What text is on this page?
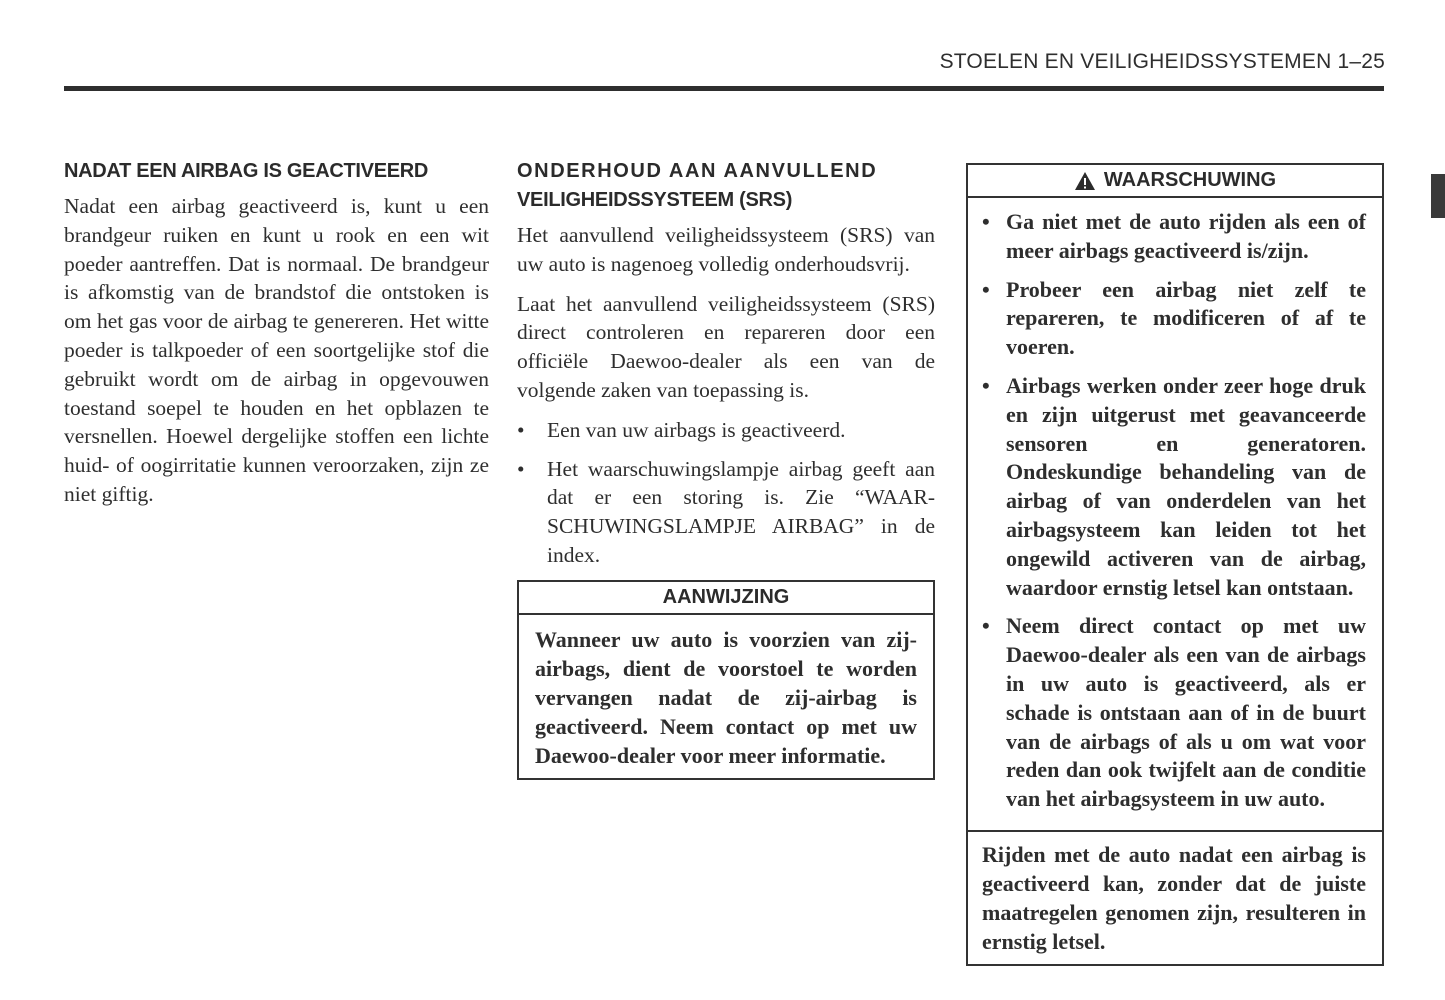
STOELEN EN VEILIGHEIDSSYSTEMEN 1–25
NADAT EEN AIRBAG IS GEACTIVEERD

Nadat een airbag geactiveerd is, kunt u een brandgeur ruiken en kunt u rook en een wit poeder aantreffen. Dat is normaal. De brandgeur is afkomstig van de brandstof die ontstoken is om het gas voor de airbag te genereren. Het witte poeder is talkpoeder of een soortgelijke stof die gebruikt wordt om de airbag in opgevouwen toestand soepel te houden en het opblazen te versnellen. Hoewel dergelijke stoffen een lichte huid- of oogirritatie kunnen veroorzaken, zijn ze niet giftig.

ONDERHOUD AAN AANVULLEND
VEILIGHEIDSSYSTEEM (SRS)

Het aanvullend veiligheidssysteem (SRS) van uw auto is nagenoeg volledig onderhoudsvrij.

Laat het aanvullend veiligheidssysteem (SRS) direct controleren en repareren door een officiële Daewoo-dealer als een van de volgende zaken van toepassing is.

• Een van uw airbags is geactiveerd.
• Het waarschuwingslampje airbag geeft aan dat er een storing is. Zie “WAAR-SCHUWINGSLAMPJE AIRBAG” in de index.
AANWIJZING
Wanneer uw auto is voorzien van zij-airbags, dient de voorstoel te worden vervangen nadat de zij-airbag is geactiveerd. Neem contact op met uw Daewoo-dealer voor meer informatie.
WAARSCHUWING
• Ga niet met de auto rijden als een of meer airbags geactiveerd is/zijn.
• Probeer een airbag niet zelf te repareren, te modificeren of af te voeren.
• Airbags werken onder zeer hoge druk en zijn uitgerust met geavanceerde sensoren en generatoren. Ondeskundige behandeling van de airbag of van onderdelen van het airbagsysteem kan leiden tot het ongewild activeren van de airbag, waardoor ernstig letsel kan ontstaan.
• Neem direct contact op met uw Daewoo-dealer als een van de airbags in uw auto is geactiveerd, als er schade is ontstaan aan of in de buurt van de airbags of als u om wat voor reden dan ook twijfelt aan de conditie van het airbagsysteem in uw auto.
Rijden met de auto nadat een airbag is geactiveerd kan, zonder dat de juiste maatregelen genomen zijn, resulteren in ernstig letsel.
